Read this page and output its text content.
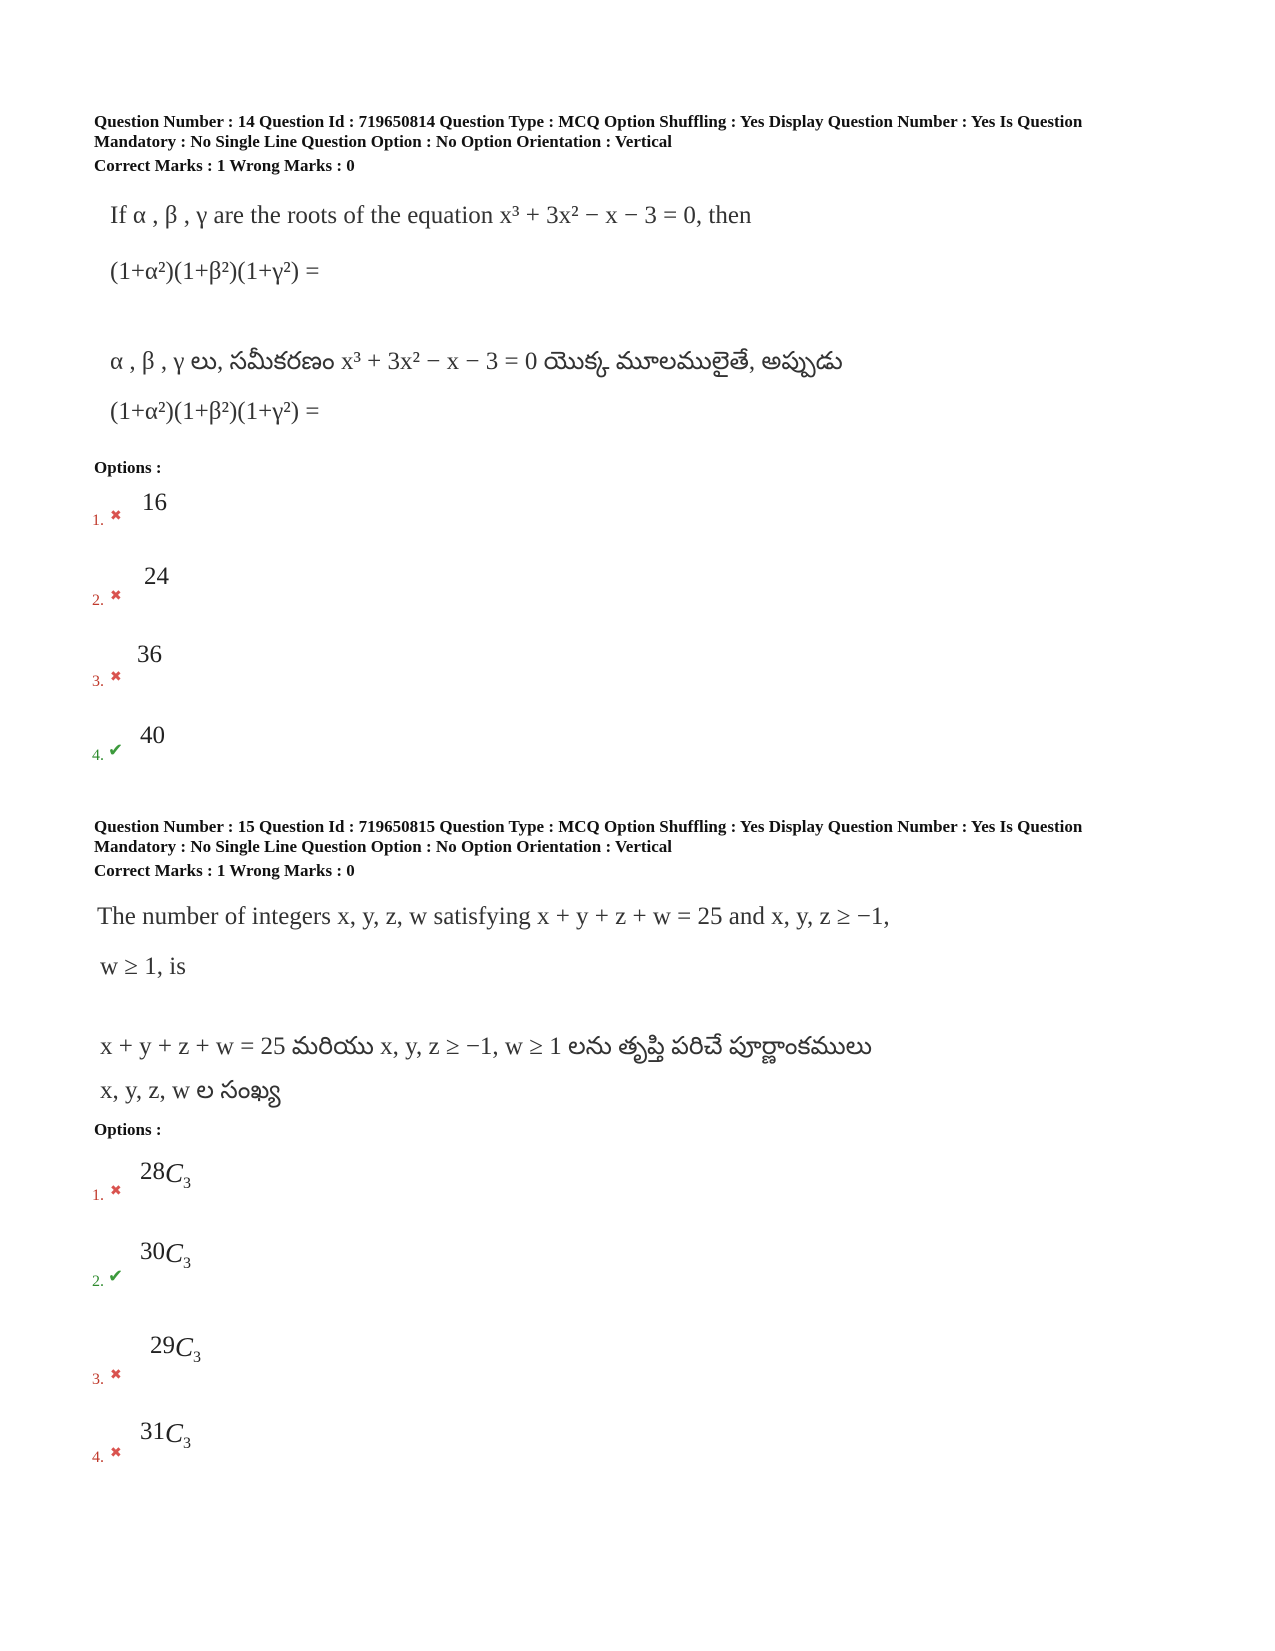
Question Number : 14 Question Id : 719650814 Question Type : MCQ Option Shuffling : Yes Display Question Number : Yes Is Question
Mandatory : No Single Line Question Option : No Option Orientation : Vertical
Correct Marks : 1 Wrong Marks : 0
If α , β , γ are the roots of the equation x³ + 3x² − x − 3 = 0, then
(1+α²)(1+β²)(1+γ²) =
α , β , γ లు, సమీకరణం x³ + 3x² − x − 3 = 0 యొక్క మూలములైతే, అప్పుడు
(1+α²)(1+β²)(1+γ²) =
Options :
1. ✖ 16
2. ✖
24
3. ✖
36
4. ✔
40
Question Number : 15 Question Id : 719650815 Question Type : MCQ Option Shuffling : Yes Display Question Number : Yes Is Question
Mandatory : No Single Line Question Option : No Option Orientation : Vertical
Correct Marks : 1 Wrong Marks : 0
The number of integers x, y, z, w satisfying x + y + z + w = 25 and x, y, z ≥ −1,
w ≥ 1, is
x + y + z + w = 25 మరియు x, y, z ≥ −1, w ≥ 1 లను తృప్తి పరిచే పూర్ణాంకములు
x, y, z, w ల సంఖ్య
Options :
1. ✖
28C3
2. ✔
30C3
3. ✖
29C3
4. ✖
31C3
